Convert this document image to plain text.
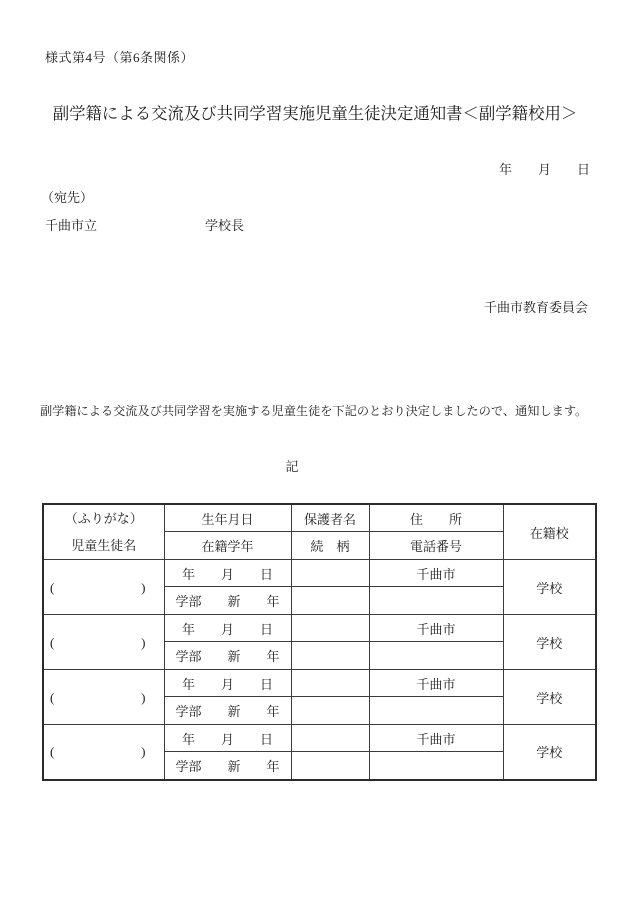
様式第4号（第6条関係）
副学籍による交流及び共同学習実施児童生徒決定通知書＜副学籍校用＞
年　　月　　日
（宛先）
千曲市立	学校長
千曲市教育委員会

副学籍による交流及び共同学習を実施する児童生徒を下記のとおり決定しましたので、通知します。

記
（ふりがな）
児童生徒名	生年月日	保護者名	住　　所	在籍校
	在籍学年	続　柄	電話番号	

( )	年　　月　　日		千曲市	学校
	学部　　新　　年			

( )	年　　月　　日		千曲市	学校
	学部　　新　　年			

( )	年　　月　　日		千曲市	学校
	学部　　新　　年			

( )	年　　月　　日		千曲市	学校
	学部　　新　　年			
